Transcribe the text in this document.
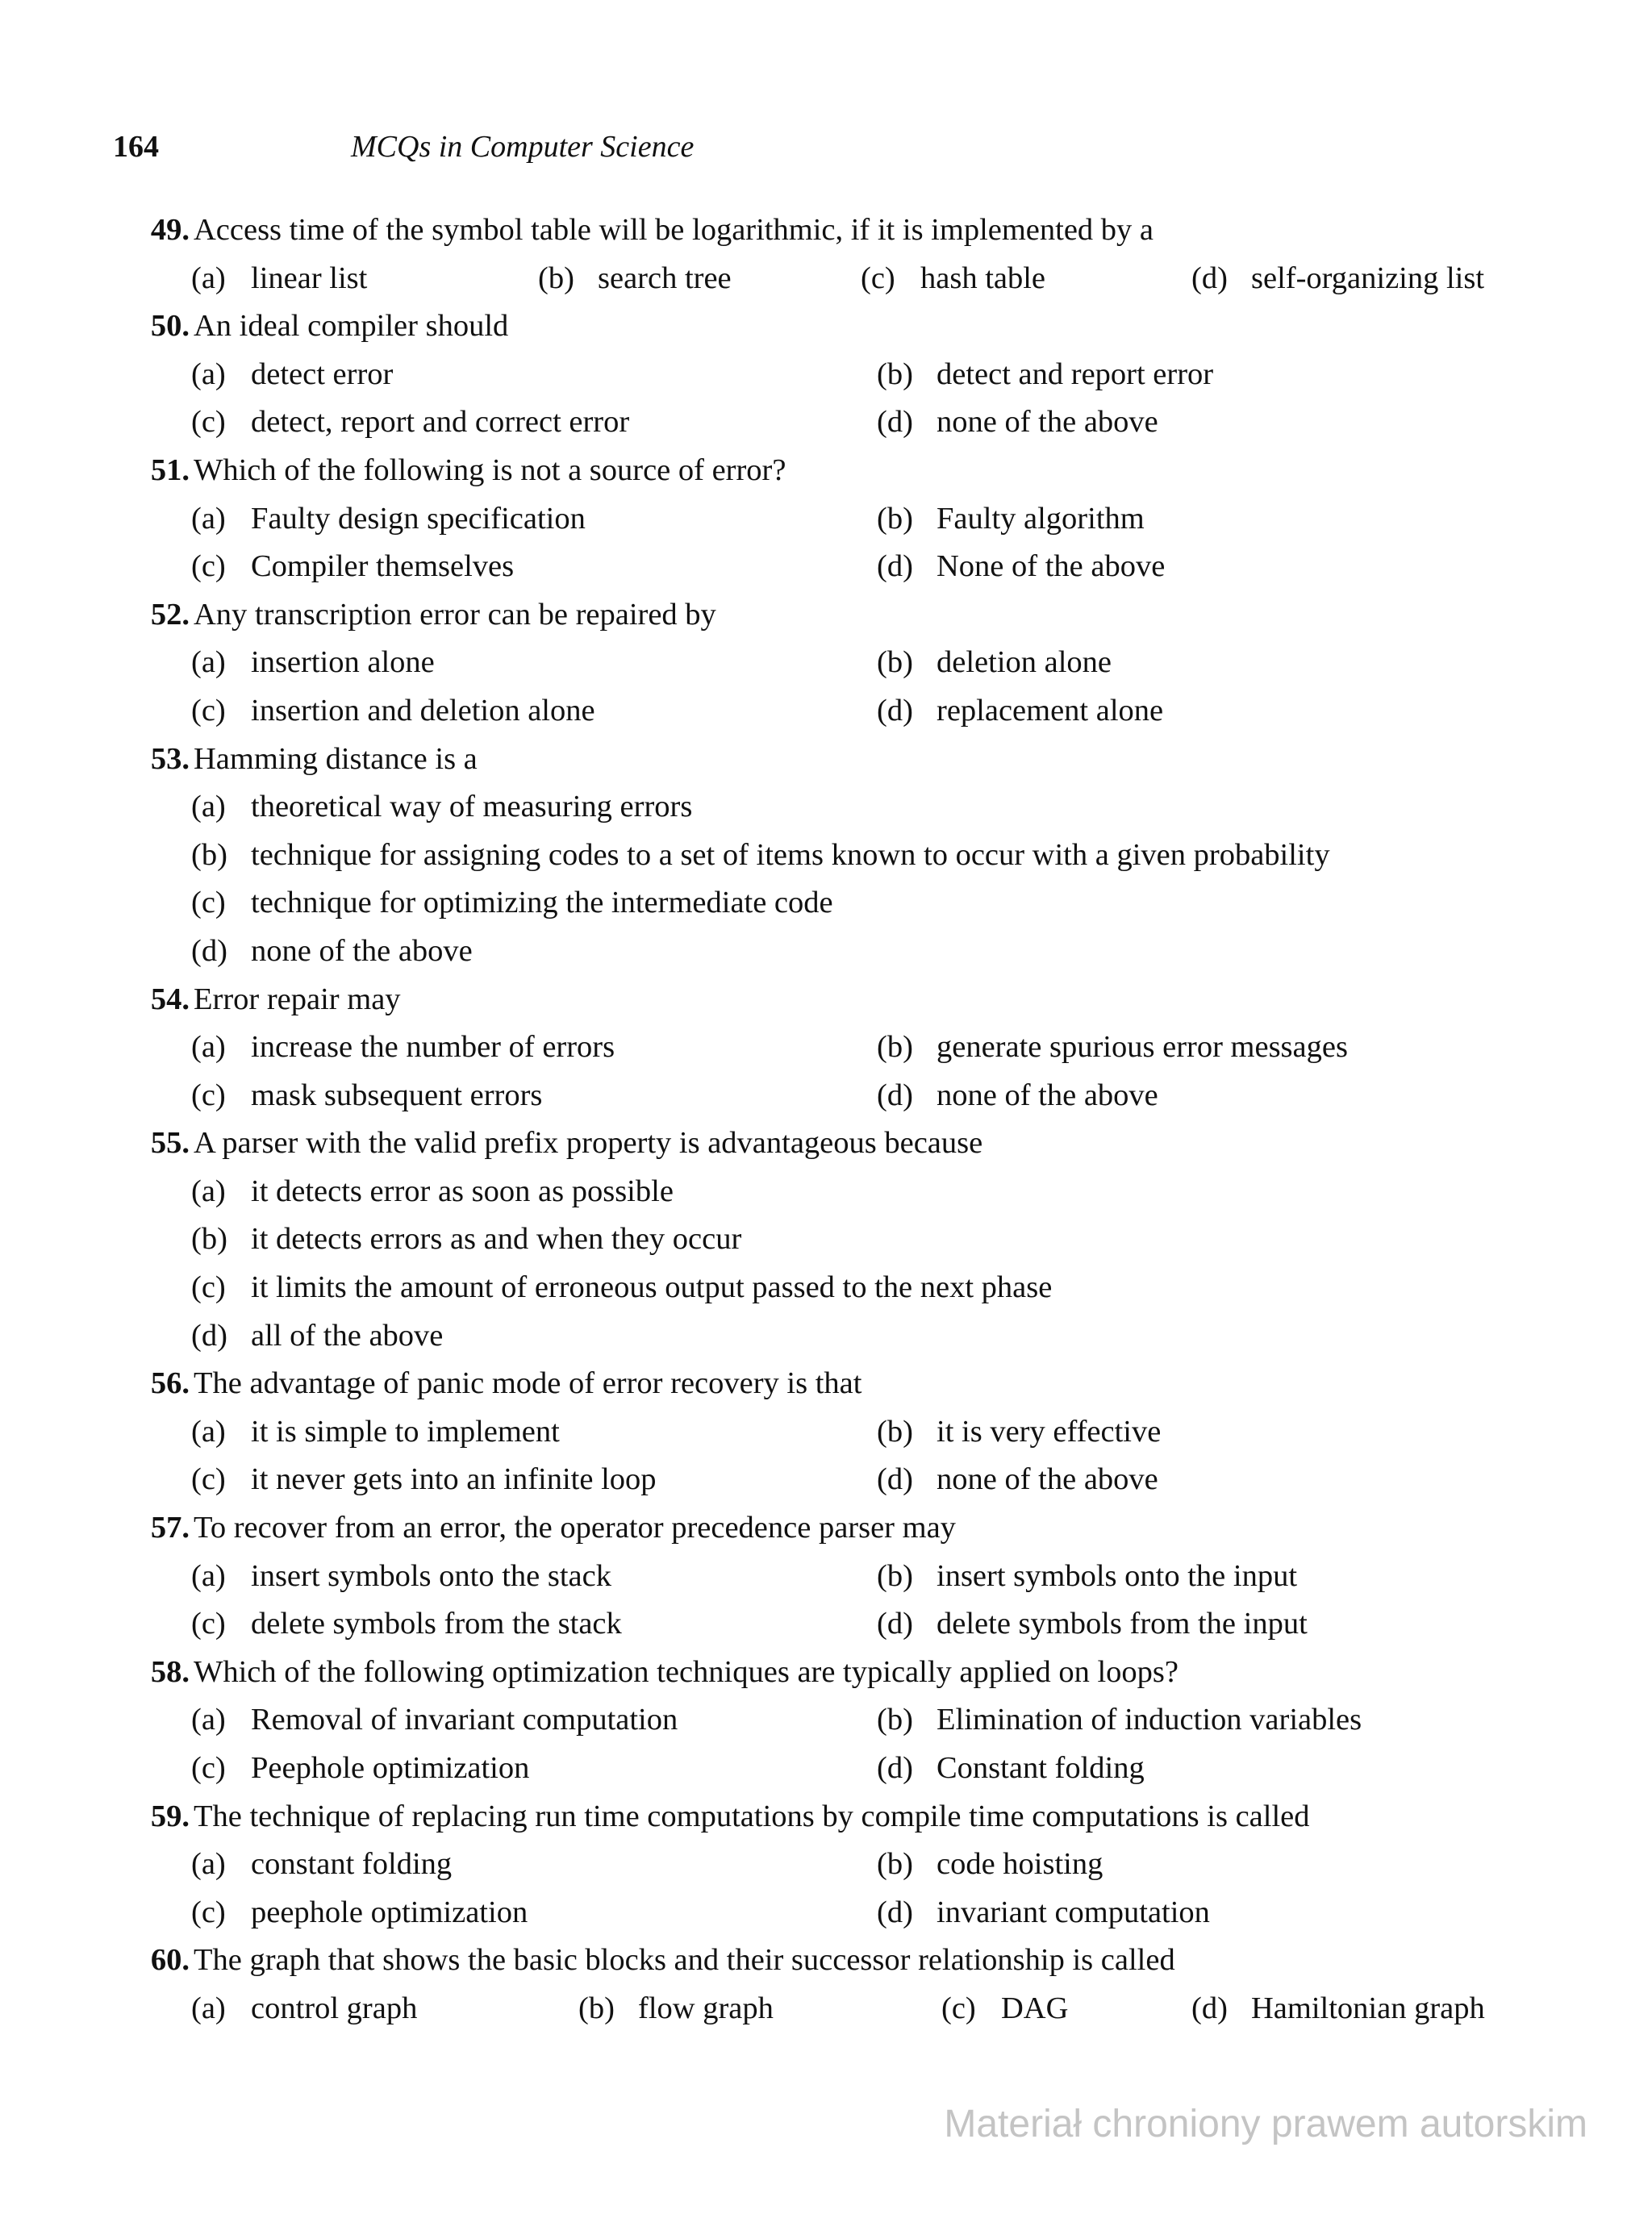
164	MCQs in Computer Science
49. Access time of the symbol table will be logarithmic, if it is implemented by a
(a) linear list	(b) search tree	(c) hash table	(d) self-organizing list
50. An ideal compiler should
(a) detect error	(b) detect and report error
(c) detect, report and correct error	(d) none of the above
51. Which of the following is not a source of error?
(a) Faulty design specification	(b) Faulty algorithm
(c) Compiler themselves	(d) None of the above
52. Any transcription error can be repaired by
(a) insertion alone	(b) deletion alone
(c) insertion and deletion alone	(d) replacement alone
53. Hamming distance is a
(a) theoretical way of measuring errors
(b) technique for assigning codes to a set of items known to occur with a given probability
(c) technique for optimizing the intermediate code
(d) none of the above
54. Error repair may
(a) increase the number of errors	(b) generate spurious error messages
(c) mask subsequent errors	(d) none of the above
55. A parser with the valid prefix property is advantageous because
(a) it detects error as soon as possible
(b) it detects errors as and when they occur
(c) it limits the amount of erroneous output passed to the next phase
(d) all of the above
56. The advantage of panic mode of error recovery is that
(a) it is simple to implement	(b) it is very effective
(c) it never gets into an infinite loop	(d) none of the above
57. To recover from an error, the operator precedence parser may
(a) insert symbols onto the stack	(b) insert symbols onto the input
(c) delete symbols from the stack	(d) delete symbols from the input
58. Which of the following optimization techniques are typically applied on loops?
(a) Removal of invariant computation	(b) Elimination of induction variables
(c) Peephole optimization	(d) Constant folding
59. The technique of replacing run time computations by compile time computations is called
(a) constant folding	(b) code hoisting
(c) peephole optimization	(d) invariant computation
60. The graph that shows the basic blocks and their successor relationship is called
(a) control graph	(b) flow graph	(c) DAG	(d) Hamiltonian graph
Materiał chroniony prawem autorskim
